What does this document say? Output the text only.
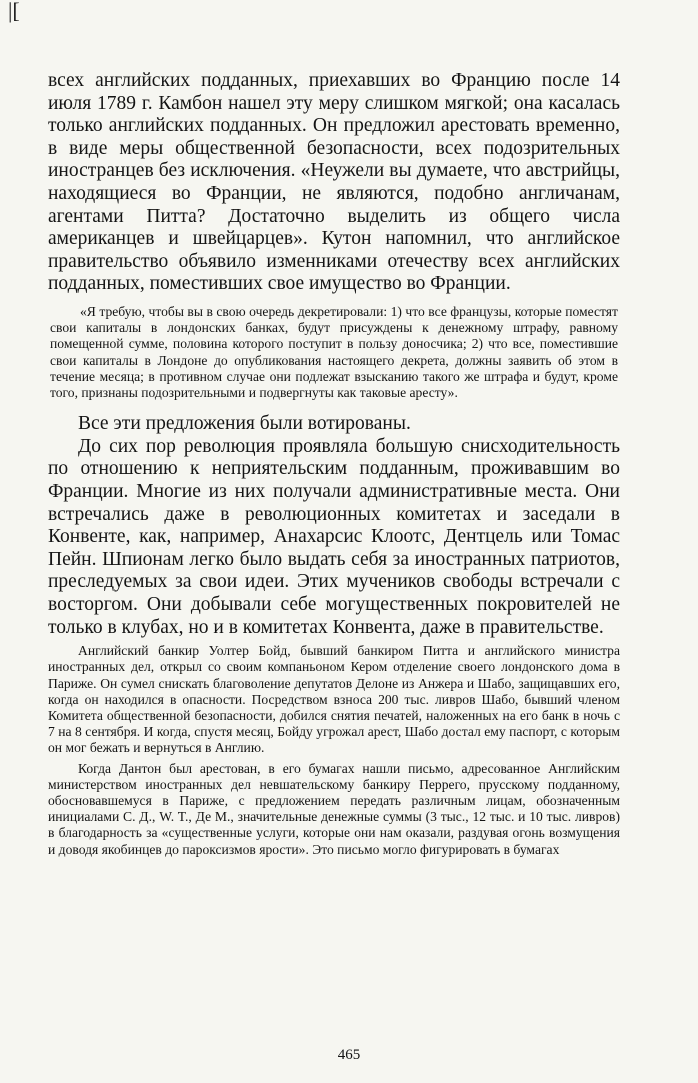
|[

всех английских подданных, приехавших во Францию после 14 июля 1789 г. Камбон нашел эту меру слишком мягкой; она касалась только английских подданных. Он предложил арестовать временно, в виде меры общественной безопасности, всех подозрительных иностранцев без исключения. «Неужели вы думаете, что австрийцы, находящиеся во Франции, не являются, подобно англичанам, агентами Питта? Достаточно выделить из общего числа американцев и швейцарцев». Кутон напомнил, что английское правительство объявило изменниками отечеству всех английских подданных, поместивших свое имущество во Франции.

«Я требую, чтобы вы в свою очередь декретировали: 1) что все французы, которые поместят свои капиталы в лондонских банках, будут присуждены к денежному штрафу, равному помещенной сумме, половина которого поступит в пользу доносчика; 2) что все, поместившие свои капиталы в Лондоне до опубликования настоящего декрета, должны заявить об этом в течение месяца; в противном случае они подлежат взысканию такого же штрафа и будут, кроме того, признаны подозрительными и подвергнуты как таковые аресту».

Все эти предложения были вотированы.

До сих пор революция проявляла большую снисходительность по отношению к неприятельским подданным, проживавшим во Франции. Многие из них получали административные места. Они встречались даже в революционных комитетах и заседали в Конвенте, как, например, Анахарсис Клоотс, Дентцель или Томас Пейн. Шпионам легко было выдать себя за иностранных патриотов, преследуемых за свои идеи. Этих мучеников свободы встречали с восторгом. Они добывали себе могущественных покровителей не только в клубах, но и в комитетах Конвента, даже в правительстве.

Английский банкир Уолтер Бойд, бывший банкиром Питта и английского министра иностранных дел, открыл со своим компаньоном Кером отделение своего лондонского дома в Париже. Он сумел снискать благоволение депутатов Делоне из Анжера и Шабо, защищавших его, когда он находился в опасности. Посредством взноса 200 тыс. ливров Шабо, бывший членом Комитета общественной безопасности, добился снятия печатей, наложенных на его банк в ночь с 7 на 8 сентября. И когда, спустя месяц, Бойду угрожал арест, Шабо достал ему паспорт, с которым он мог бежать и вернуться в Англию.

Когда Дантон был арестован, в его бумагах нашли письмо, адресованное Английским министерством иностранных дел невшательскому банкиру Перрего, прусскому подданному, обосновавшемуся в Париже, с предложением передать различным лицам, обозначенным инициалами С. Д., W. T., Де М., значительные денежные суммы (3 тыс., 12 тыс. и 10 тыс. ливров) в благодарность за «существенные услуги, которые они нам оказали, раздувая огонь возмущения и доводя якобинцев до пароксизмов ярости». Это письмо могло фигурировать в бумагах

465
